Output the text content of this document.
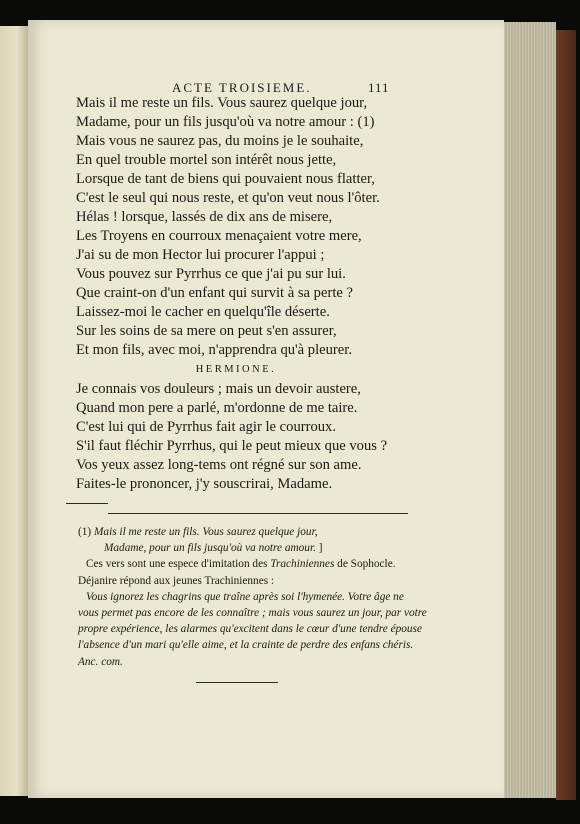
ACTE TROISIEME.	111
Mais il me reste un fils. Vous saurez quelque jour,
Madame, pour un fils jusqu'où va notre amour : (1)
Mais vous ne saurez pas, du moins je le souhaite,
En quel trouble mortel son intérêt nous jette,
Lorsque de tant de biens qui pouvaient nous flatter,
C'est le seul qui nous reste, et qu'on veut nous l'ôter.
Hélas ! lorsque, lassés de dix ans de misere,
Les Troyens en courroux menaçaient votre mere,
J'ai su de mon Hector lui procurer l'appui ;
Vous pouvez sur Pyrrhus ce que j'ai pu sur lui.
Que craint-on d'un enfant qui survit à sa perte ?
Laissez-moi le cacher en quelqu'île déserte.
Sur les soins de sa mere on peut s'en assurer,
Et mon fils, avec moi, n'apprendra qu'à pleurer.
HERMIONE.
Je connais vos douleurs ; mais un devoir austere,
Quand mon pere a parlé, m'ordonne de me taire.
C'est lui qui de Pyrrhus fait agir le courroux.
S'il faut fléchir Pyrrhus, qui le peut mieux que vous ?
Vos yeux assez long-tems ont régné sur son ame.
Faites-le prononcer, j'y souscrirai, Madame.
(1) Mais il me reste un fils. Vous saurez quelque jour,
Madame, pour un fils jusqu'où va notre amour. ]
Ces vers sont une espece d'imitation des Trachiniennes de Sophocle.
Déjanire répond aux jeunes Trachiniennes :
Vous ignorez les chagrins que traîne après soi l'hymenée. Votre âge ne
vous permet pas encore de les connaître ; mais vous saurez un jour, par votre
propre expérience, les alarmes qu'excitent dans le cœur d'une tendre épouse
l'absence d'un mari qu'elle aime, et la crainte de perdre des enfans chéris.
Anc. com.
